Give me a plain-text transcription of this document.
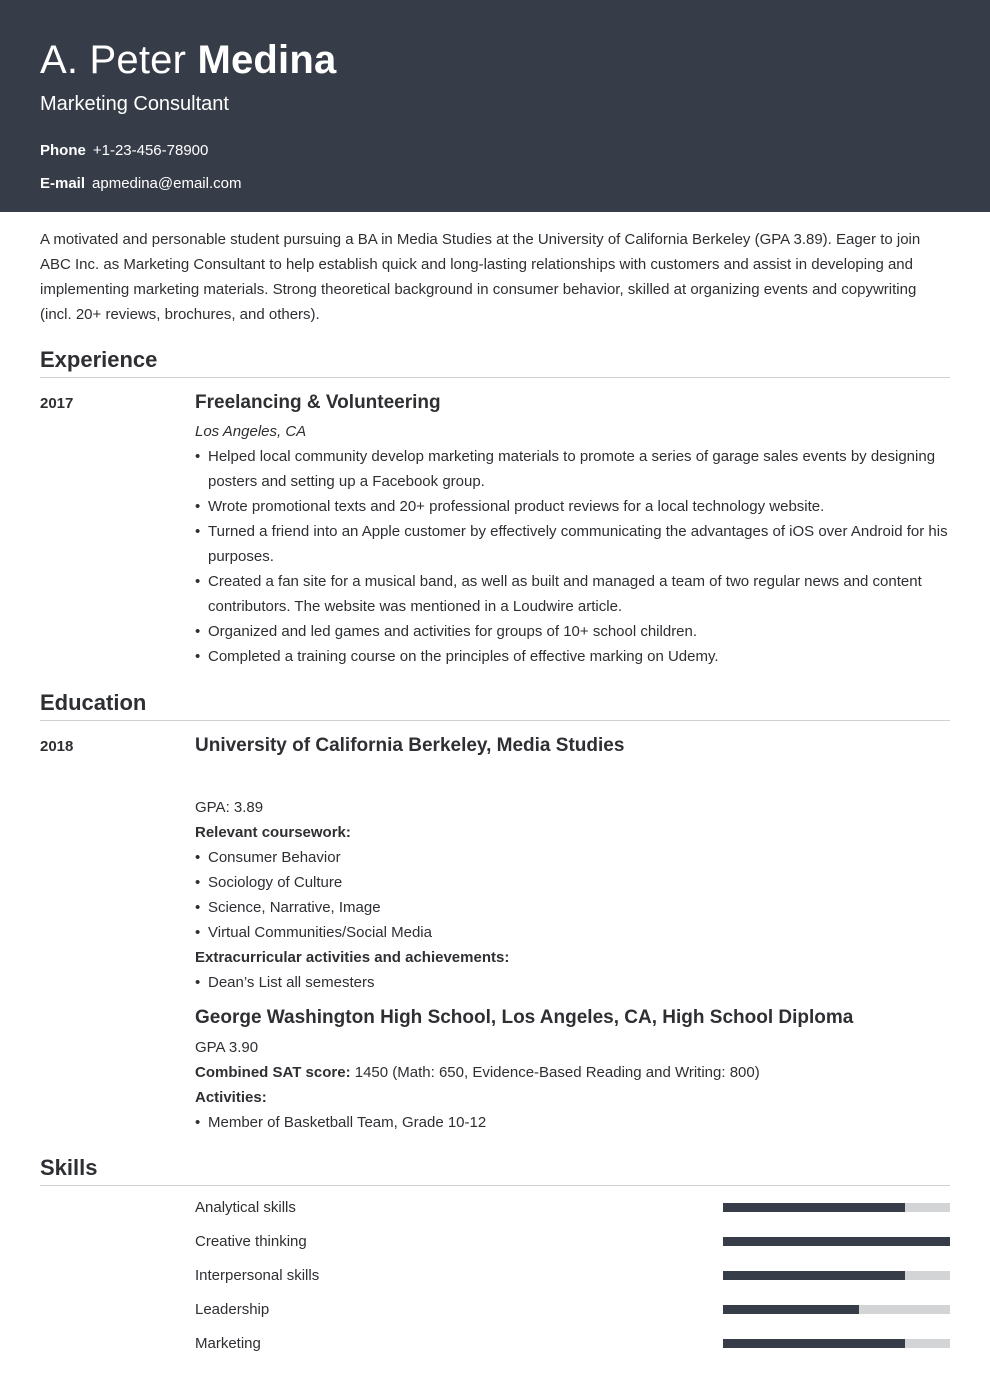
A. Peter Medina
Marketing Consultant
Phone +1-23-456-78900
E-mail apmedina@email.com
A motivated and personable student pursuing a BA in Media Studies at the University of California Berkeley (GPA 3.89). Eager to join ABC Inc. as Marketing Consultant to help establish quick and long-lasting relationships with customers and assist in developing and implementing marketing materials. Strong theoretical background in consumer behavior, skilled at organizing events and copywriting (incl. 20+ reviews, brochures, and others).
Experience
2017	Freelancing & Volunteering
Los Angeles, CA
• Helped local community develop marketing materials to promote a series of garage sales events by designing posters and setting up a Facebook group.
• Wrote promotional texts and 20+ professional product reviews for a local technology website.
• Turned a friend into an Apple customer by effectively communicating the advantages of iOS over Android for his purposes.
• Created a fan site for a musical band, as well as built and managed a team of two regular news and content contributors. The website was mentioned in a Loudwire article.
• Organized and led games and activities for groups of 10+ school children.
• Completed a training course on the principles of effective marking on Udemy.
Education
2018	University of California Berkeley, Media Studies
GPA: 3.89
Relevant coursework:
• Consumer Behavior
• Sociology of Culture
• Science, Narrative, Image
• Virtual Communities/Social Media
Extracurricular activities and achievements:
• Dean’s List all semesters
George Washington High School, Los Angeles, CA, High School Diploma
GPA 3.90
Combined SAT score: 1450 (Math: 650, Evidence-Based Reading and Writing: 800)
Activities:
• Member of Basketball Team, Grade 10-12
Skills
Analytical skills
Creative thinking
Interpersonal skills
Leadership
Marketing
